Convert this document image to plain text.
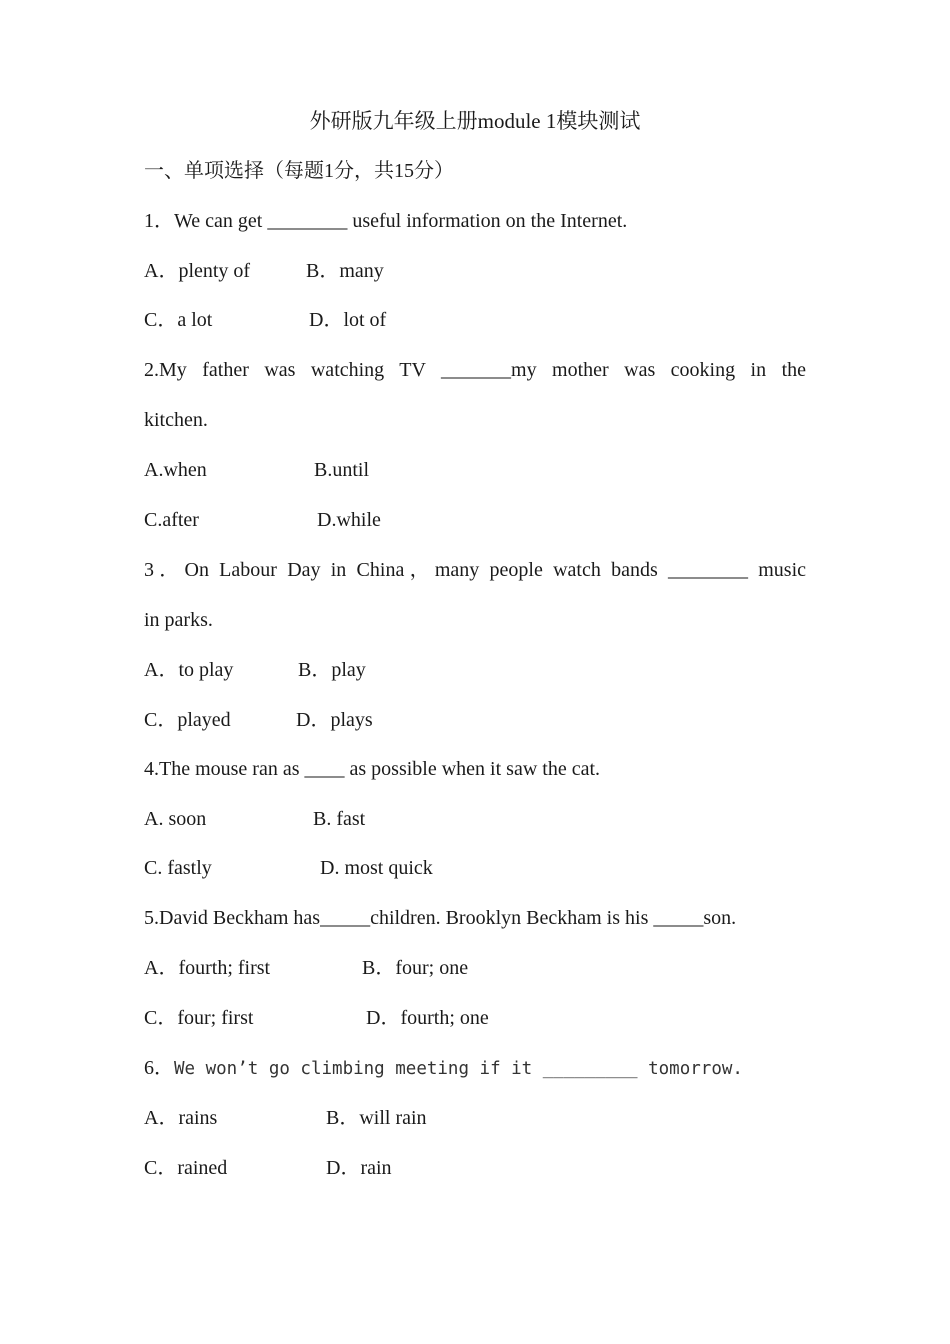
外研版九年级上册module 1模块测试
一、单项选择（每题1分，共15分）
1．We can get ________ useful information on the Internet.
A．plenty of	B．many
C．a lot	D．lot of
2.My father was watching TV _______my mother was cooking in the
kitchen.
A.when	B.until
C.after	D.while
3．On Labour Day in China，many people watch bands ________ music
in parks.
A．to play	B．play
C．played	D．plays
4.The mouse ran as ____ as possible when it saw the cat.
A. soon	B. fast
C. fastly	D. most quick
5.David Beckham has_____children. Brooklyn Beckham is his _____son.
A．fourth; first	B．four; one
C．four; first	D．fourth; one
6．We won’t go climbing meeting if it _________ tomorrow.
A．rains	B．will rain
C．rained	D．rain
